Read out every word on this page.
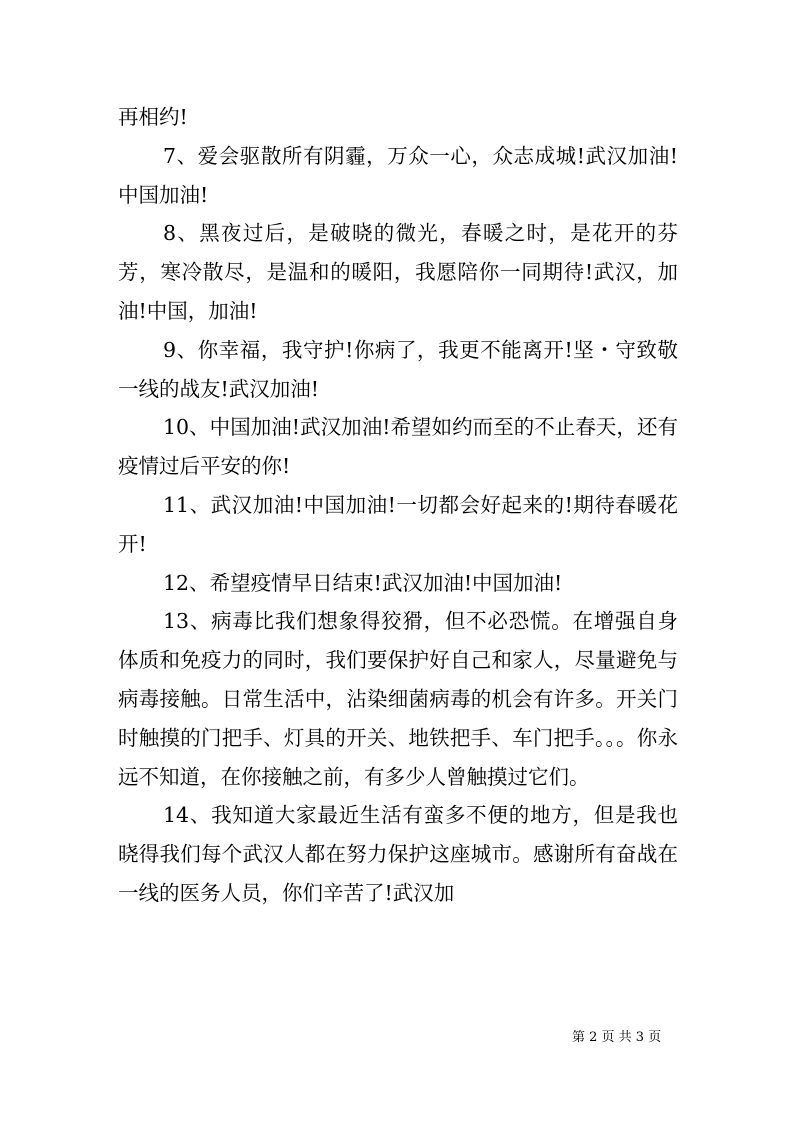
再相约!

7、爱会驱散所有阴霾，万众一心，众志成城!武汉加油!中国加油!

8、黑夜过后，是破晓的微光，春暖之时，是花开的芬芳，寒冷散尽，是温和的暖阳，我愿陪你一同期待!武汉，加油!中国，加油!

9、你幸福，我守护!你病了，我更不能离开!坚・守致敬一线的战友!武汉加油!

10、中国加油!武汉加油!希望如约而至的不止春天，还有疫情过后平安的你!

11、武汉加油!中国加油!一切都会好起来的!期待春暖花开!

12、希望疫情早日结束!武汉加油!中国加油!

13、病毒比我们想象得狡猾，但不必恐慌。在增强自身体质和免疫力的同时，我们要保护好自己和家人，尽量避免与病毒接触。日常生活中，沾染细菌病毒的机会有许多。开关门时触摸的门把手、灯具的开关、地铁把手、车门把手。。。你永远不知道，在你接触之前，有多少人曾触摸过它们。

14、我知道大家最近生活有蛮多不便的地方，但是我也晓得我们每个武汉人都在努力保护这座城市。感谢所有奋战在一线的医务人员，你们辛苦了!武汉加

第 2 页 共 3 页
